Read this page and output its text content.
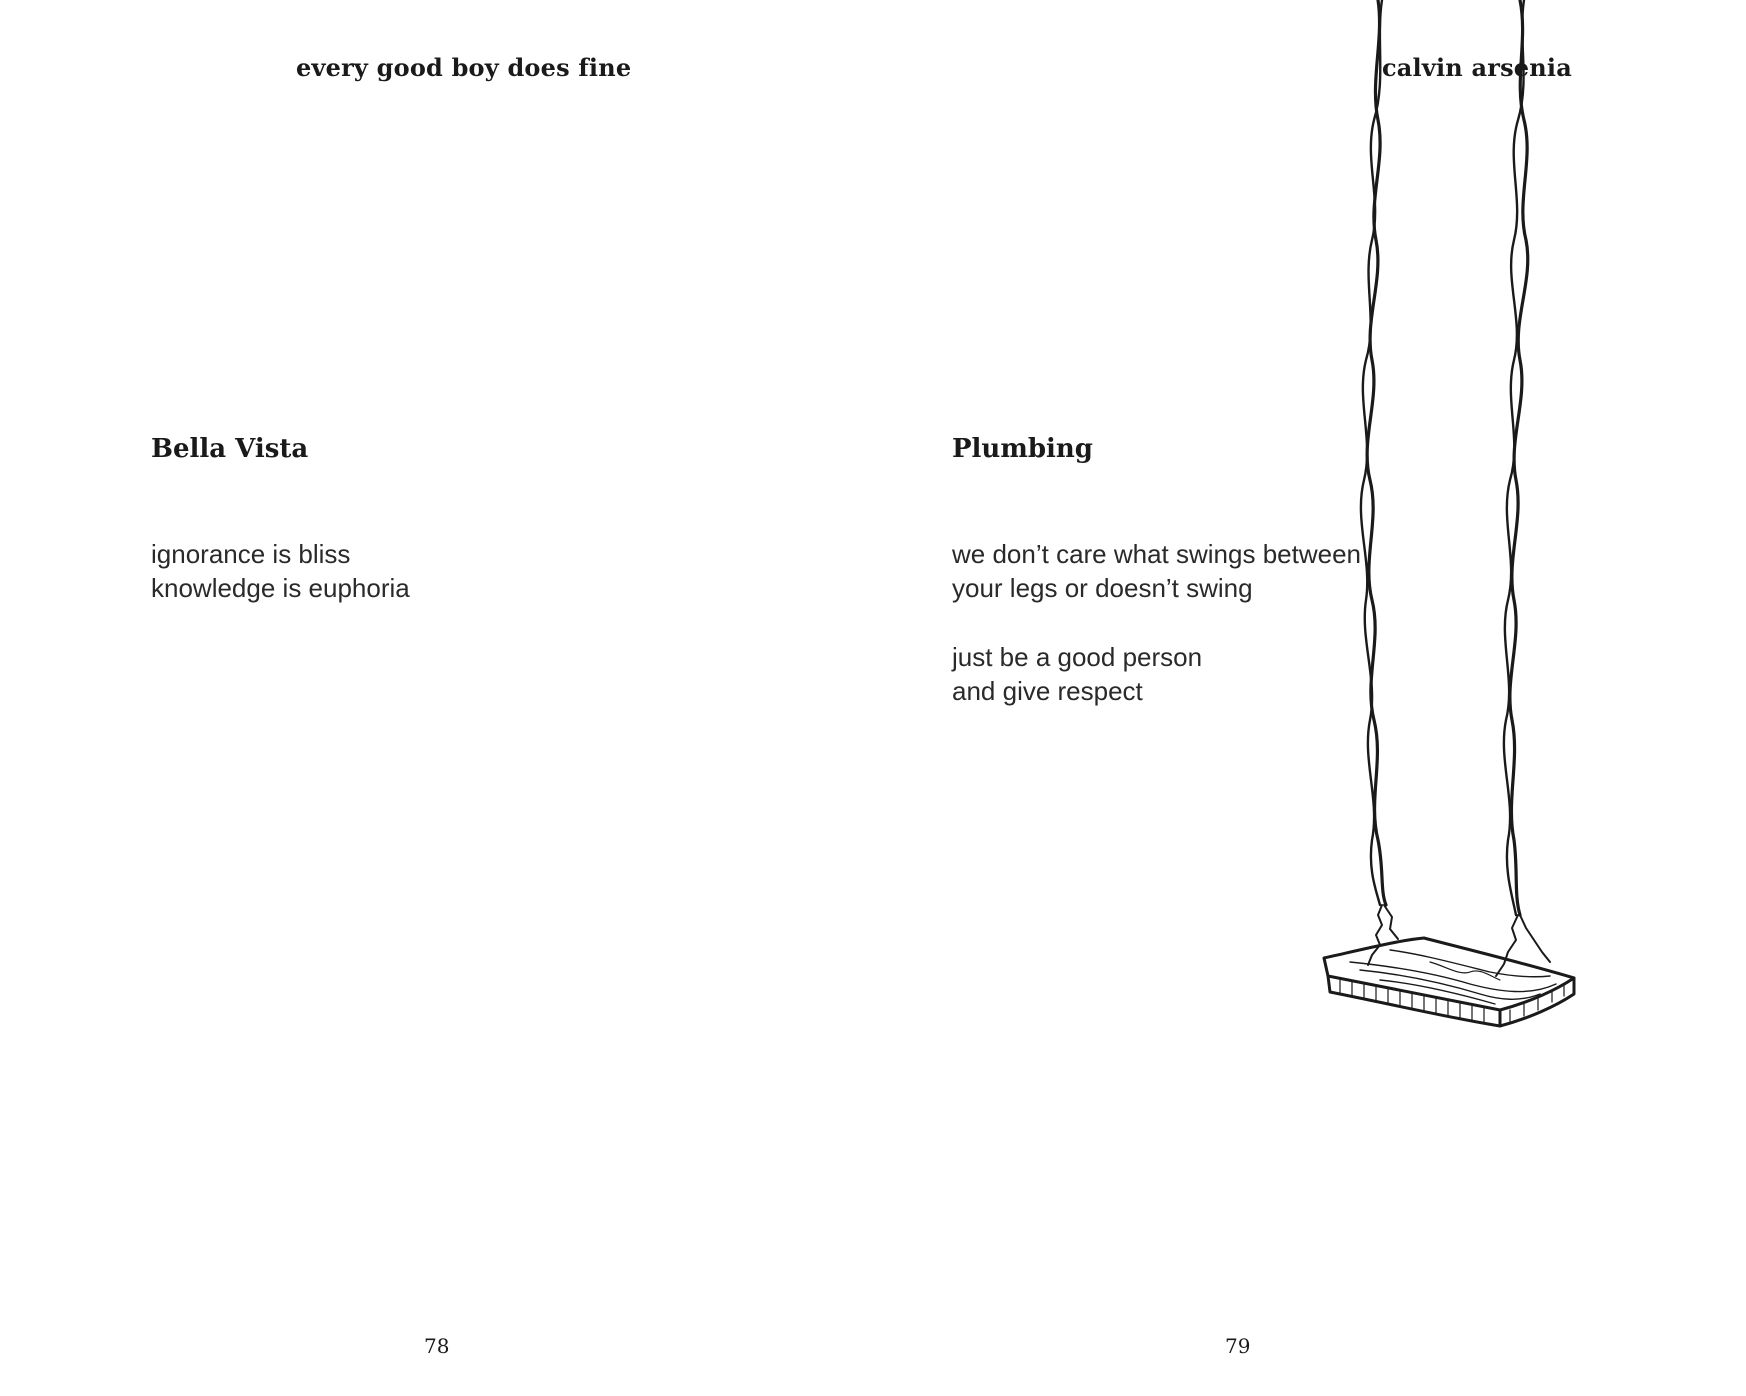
every good boy does fine
Bella Vista
ignorance is bliss
knowledge is euphoria
78
calvin arsenia
Plumbing
we don’t care what swings between
your legs or doesn’t swing
just be a good person
and give respect
79
